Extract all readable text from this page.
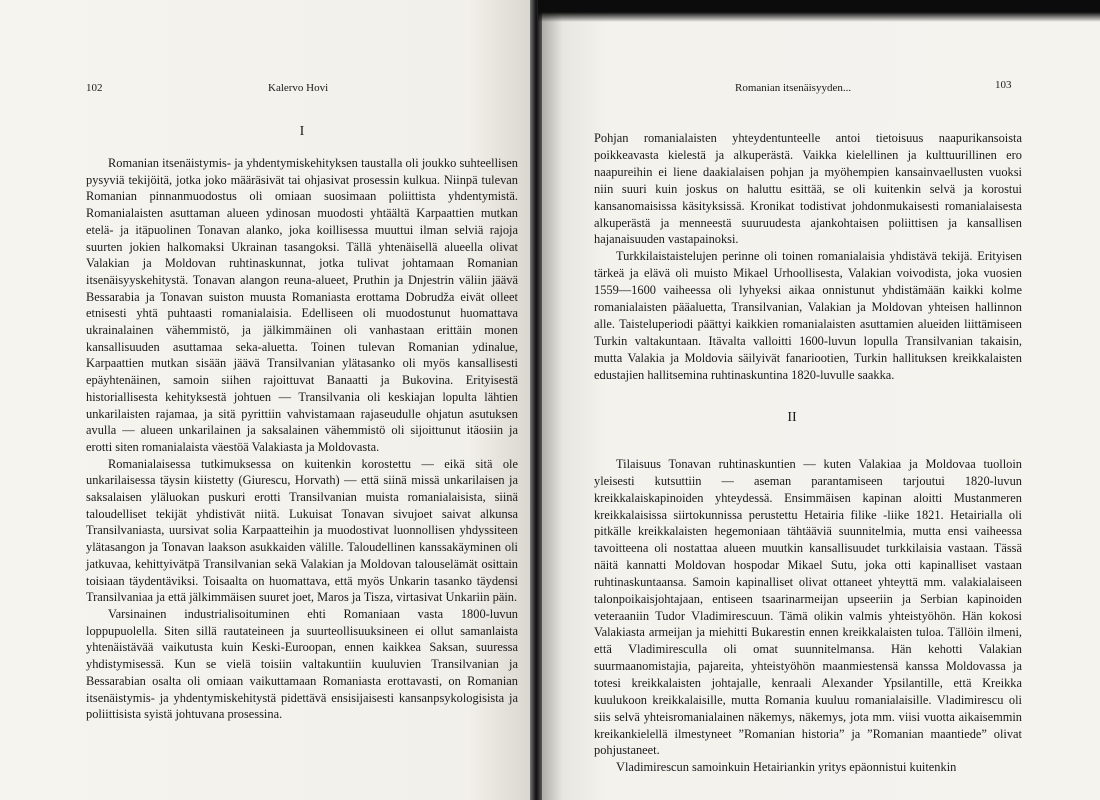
102	Kalervo Hovi	Romanian itsenäisyyden...	103
I

Romanian itsenäistymis- ja yhdentymiskehityksen taustalla oli joukko suhteellisen pysyviä tekijöitä, jotka joko määräsivät tai ohjasivat prosessin kulkua. Niinpä tulevan Romanian pinnanmuodostus oli omiaan suosimaan poliittista yhdentymistä. Romanialaisten asuttaman alueen ydinosan muodosti yhtäältä Karpaattien mutkan etelä- ja itäpuolinen Tonavan alanko, joka koillisessa muuttui ilman selviä rajoja suurten jokien halkomaksi Ukrainan tasangoksi. Tällä yhtenäisellä alueella olivat Valakian ja Moldovan ruhtinaskunnat, jotka tulivat johtamaan Romanian itsenäisyyskehitystä. Tonavan alangon reuna-alueet, Pruthin ja Dnjestrin väliin jäävä Bessarabia ja Tonavan suiston muusta Romaniasta erottama Dobrudža eivät olleet etnisesti yhtä puhtaasti romanialaisia. Edelliseen oli muodostunut huomattava ukrainalainen vähemmistö, ja jälkimmäinen oli vanhastaan erittäin monen kansallisuuden asuttamaa seka-aluetta. Toinen tulevan Romanian ydinalue, Karpaattien mutkan sisään jäävä Transilvanian ylätasanko oli myös kansallisesti epäyhtenäinen, samoin siihen rajoittuvat Banaatti ja Bukovina. Erityisestä historiallisesta kehityksestä johtuen — Transilvania oli keskiajan lopulta lähtien unkarilaisten rajamaa, ja sitä pyrittiin vahvistamaan rajaseudulle ohjatun asutuksen avulla — alueen unkarilainen ja saksalainen vähemmistö oli sijoittunut itäosiin ja erotti siten romanialaista väestöä Valakiasta ja Moldovasta.

Romanialaisessa tutkimuksessa on kuitenkin korostettu — eikä sitä ole unkarilaisessa täysin kiistetty (Giurescu, Horvath) — että siinä missä unkarilaisen ja saksalaisen yläluokan puskuri erotti Transilvanian muista romanialaisista, siinä taloudelliset tekijät yhdistivät niitä. Lukuisat Tonavan sivujoet saivat alkunsa Transilvaniasta, uursivat solia Karpaatteihin ja muodostivat luonnollisen yhdyssiteen ylätasangon ja Tonavan laakson asukkaiden välille. Taloudellinen kanssakäyminen oli jatkuvaa, kehittyivätpä Transilvanian sekä Valakian ja Moldovan talouselämät osittain toisiaan täydentäviksi. Toisaalta on huomattava, että myös Unkarin tasanko täydensi Transilvaniaa ja että jälkimmäisen suuret joet, Maros ja Tisza, virtasivat Unkariin päin.

Varsinainen industrialisoituminen ehti Romaniaan vasta 1800-luvun loppupuolella. Siten sillä rautateineen ja suurteollisuuksineen ei ollut samanlaista yhtenäistävää vaikutusta kuin Keski-Euroopan, ennen kaikkea Saksan, suuressa yhdistymisessä. Kun se vielä toisiin valtakuntiin kuuluvien Transilvanian ja Bessarabian osalta oli omiaan vaikuttamaan Romaniasta erottavasti, on Romanian itsenäistymis- ja yhdentymiskehitystä pidettävä ensisijaisesti kansanpsykologisista ja poliittisista syistä johtuvana prosessina.

Pohjan romanialaisten yhteydentunteelle antoi tietoisuus naapurikansoista poikkeavasta kielestä ja alkuperästä. Vaikka kielellinen ja kulttuurillinen ero naapureihin ei liene daakialaisen pohjan ja myöhempien kansainvaellusten vuoksi niin suuri kuin joskus on haluttu esittää, se oli kuitenkin selvä ja korostui kansanomaisissa käsityksissä. Kronikat todistivat johdonmukaisesti romanialaisesta alkuperästä ja menneestä suuruudesta ajankohtaisen poliittisen ja kansallisen hajanaisuuden vastapainoksi.

Turkkilaistaistelujen perinne oli toinen romanialaisia yhdistävä tekijä. Erityisen tärkeä ja elävä oli muisto Mikael Urhoollisesta, Valakian voivodista, joka vuosien 1559—1600 vaiheessa oli lyhyeksi aikaa onnistunut yhdistämään kaikki kolme romanialaisten pääaluetta, Transilvanian, Valakian ja Moldovan yhteisen hallinnon alle. Taisteluperiodi päättyi kaikkien romanialaisten asuttamien alueiden liittämiseen Turkin valtakuntaan. Itävalta valloitti 1600-luvun lopulla Transilvanian takaisin, mutta Valakia ja Moldovia säilyivät fanariootien, Turkin hallituksen kreikkalaisten edustajien hallitsemina ruhtinaskuntina 1820-luvulle saakka.

II

Tilaisuus Tonavan ruhtinaskuntien — kuten Valakiaa ja Moldovaa tuolloin yleisesti kutsuttiin — aseman parantamiseen tarjoutui 1820-luvun kreikkalaiskapinoiden yhteydessä. Ensimmäisen kapinan aloitti Mustanmeren kreikkalaisissa siirtokunnissa perustettu Hetairia filike -liike 1821. Hetairialla oli pitkälle kreikkalaisten hegemoniaan tähtääviä suunnitelmia, mutta ensi vaiheessa tavoitteena oli nostattaa alueen muutkin kansallisuudet turkkilaisia vastaan. Tässä näitä kannatti Moldovan hospodar Mikael Sutu, joka otti kapinalliset vastaan ruhtinaskuntaansa. Samoin kapinalliset olivat ottaneet yhteyttä mm. valakialaiseen talonpoikaisjohtajaan, entiseen tsaarinarmeijan upseeriin ja Serbian kapinoiden veteraaniin Tudor Vladimirescuun. Tämä olikin valmis yhteistyöhön. Hän kokosi Valakiasta armeijan ja miehitti Bukarestin ennen kreikkalaisten tuloa. Tällöin ilmeni, että Vladimiresculla oli omat suunnitelmansa. Hän kehotti Valakian suurmaanomistajia, pajareita, yhteistyöhön maanmiestensä kanssa Moldovassa ja totesi kreikkalaisten johtajalle, kenraali Alexander Ypsilantille, että Kreikka kuulukoon kreikkalaisille, mutta Romania kuuluu romanialaisille. Vladimirescu oli siis selvä yhteisromanialainen näkemys, näkemys, jota mm. viisi vuotta aikaisemmin kreikankielellä ilmestyneet ”Romanian historia” ja ”Romanian maantiede” olivat pohjustaneet.

Vladimirescun samoinkuin Hetairiankin yritys epäonnistui kuitenkin
